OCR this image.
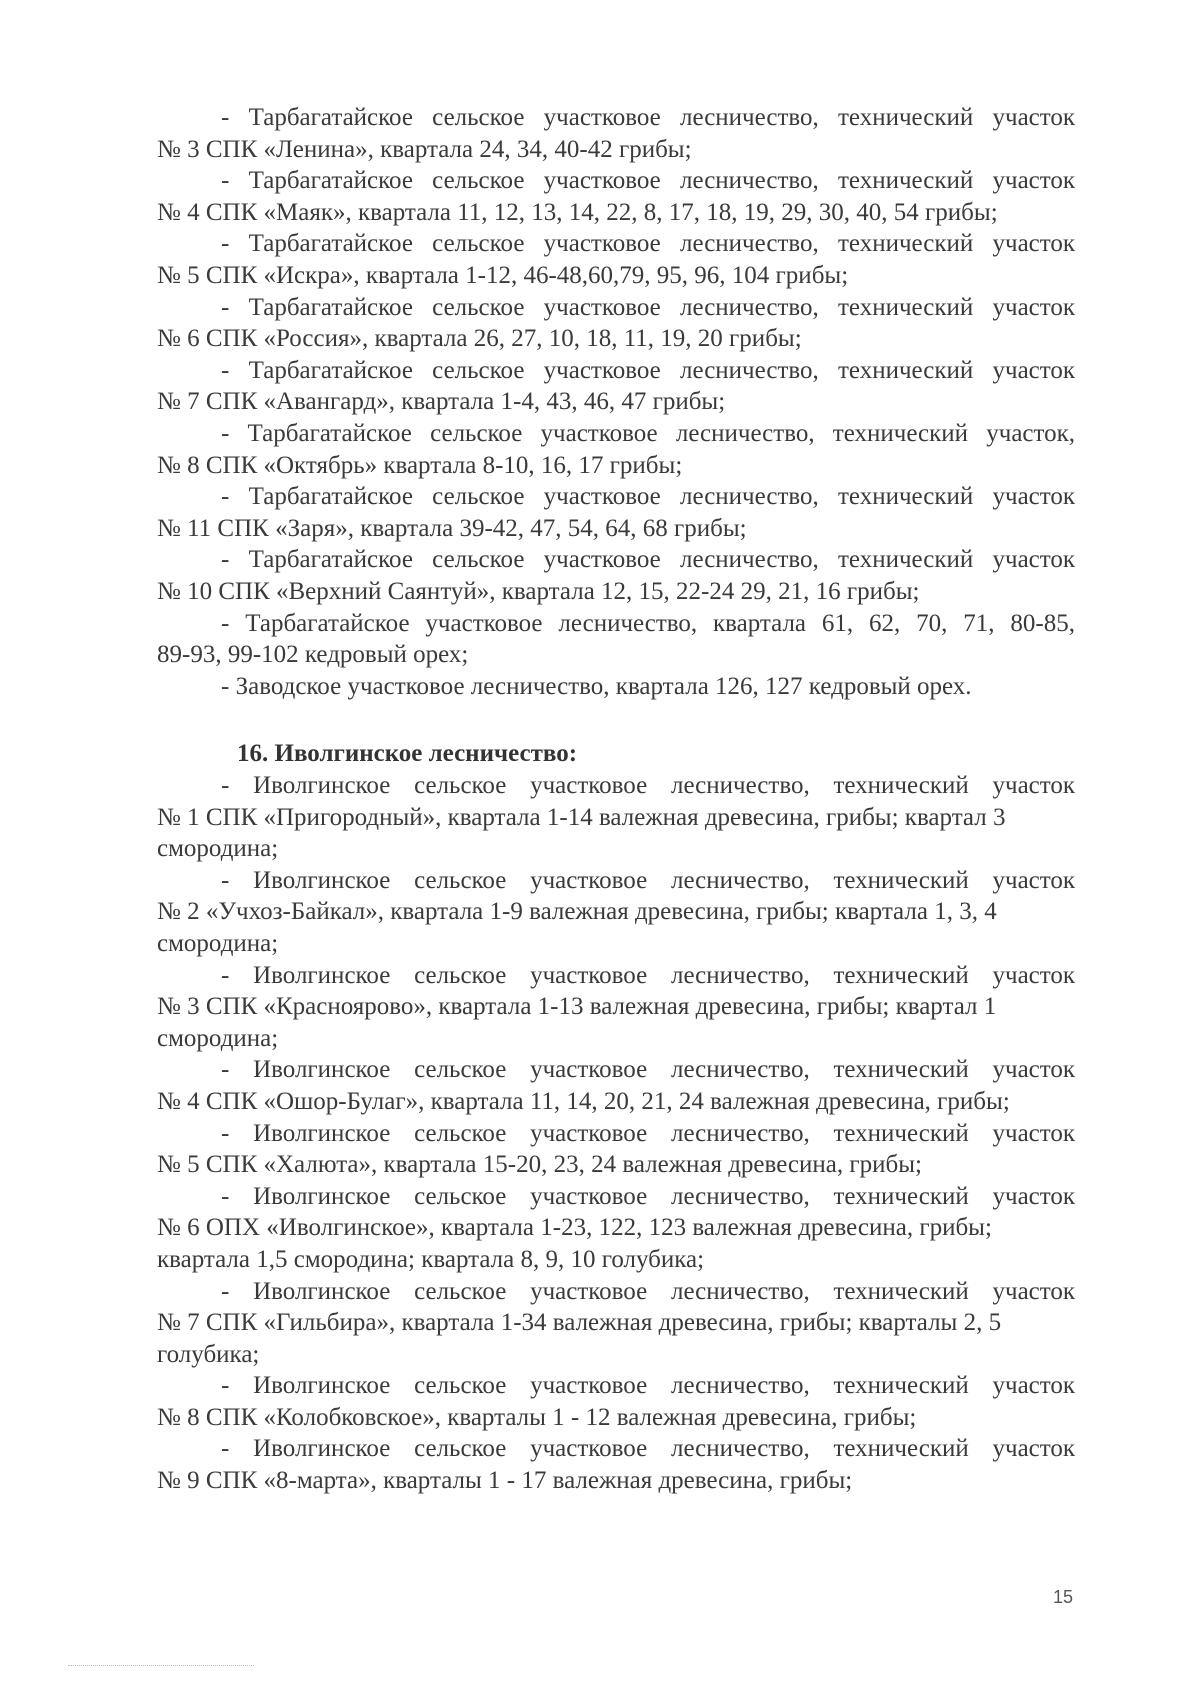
- Тарбагатайское сельское участковое лесничество, технический участок
№ 3 СПК «Ленина», квартала 24, 34, 40-42 грибы;

- Тарбагатайское сельское участковое лесничество, технический участок
№ 4 СПК «Маяк», квартала 11, 12, 13, 14, 22, 8, 17, 18, 19, 29, 30, 40, 54 грибы;

- Тарбагатайское сельское участковое лесничество, технический участок
№ 5 СПК «Искра», квартала 1-12, 46-48,60,79, 95, 96, 104 грибы;

- Тарбагатайское сельское участковое лесничество, технический участок
№ 6 СПК «Россия», квартала 26, 27, 10, 18, 11, 19, 20 грибы;

- Тарбагатайское сельское участковое лесничество, технический участок
№ 7 СПК «Авангард», квартала 1-4, 43, 46, 47 грибы;

- Тарбагатайское сельское участковое лесничество, технический участок,
№ 8 СПК «Октябрь» квартала 8-10, 16, 17 грибы;

- Тарбагатайское сельское участковое лесничество, технический участок
№ 11 СПК «Заря», квартала 39-42, 47, 54, 64, 68 грибы;

- Тарбагатайское сельское участковое лесничество, технический участок
№ 10 СПК «Верхний Саянтуй», квартала 12, 15, 22-24 29, 21, 16 грибы;

- Тарбагатайское участковое лесничество, квартала 61, 62, 70, 71, 80-85,
89-93, 99-102 кедровый орех;

- Заводское участковое лесничество, квартала 126, 127 кедровый орех.

16. Иволгинское лесничество:

- Иволгинское сельское участковое лесничество, технический участок
№ 1 СПК «Пригородный», квартала 1-14 валежная древесина, грибы; квартал 3 смородина;

- Иволгинское сельское участковое лесничество, технический участок
№ 2 «Учхоз-Байкал», квартала 1-9 валежная древесина, грибы; квартала 1, 3, 4 смородина;

- Иволгинское сельское участковое лесничество, технический участок
№ 3 СПК «Красноярово», квартала 1-13 валежная древесина, грибы; квартал 1 смородина;

- Иволгинское сельское участковое лесничество, технический участок
№ 4 СПК «Ошор-Булаг», квартала 11, 14, 20, 21, 24 валежная древесина, грибы;

- Иволгинское сельское участковое лесничество, технический участок
№ 5 СПК «Халюта», квартала 15-20, 23, 24 валежная древесина, грибы;

- Иволгинское сельское участковое лесничество, технический участок
№ 6 ОПХ «Иволгинское», квартала 1-23, 122, 123 валежная древесина, грибы; квартала 1,5 смородина; квартала 8, 9, 10 голубика;

- Иволгинское сельское участковое лесничество, технический участок
№ 7 СПК «Гильбира», квартала 1-34 валежная древесина, грибы; кварталы 2, 5 голубика;

- Иволгинское сельское участковое лесничество, технический участок
№ 8 СПК «Колобковское», кварталы 1 - 12 валежная древесина, грибы;

- Иволгинское сельское участковое лесничество, технический участок
№ 9 СПК «8-марта», кварталы 1 - 17 валежная древесина, грибы;

15
